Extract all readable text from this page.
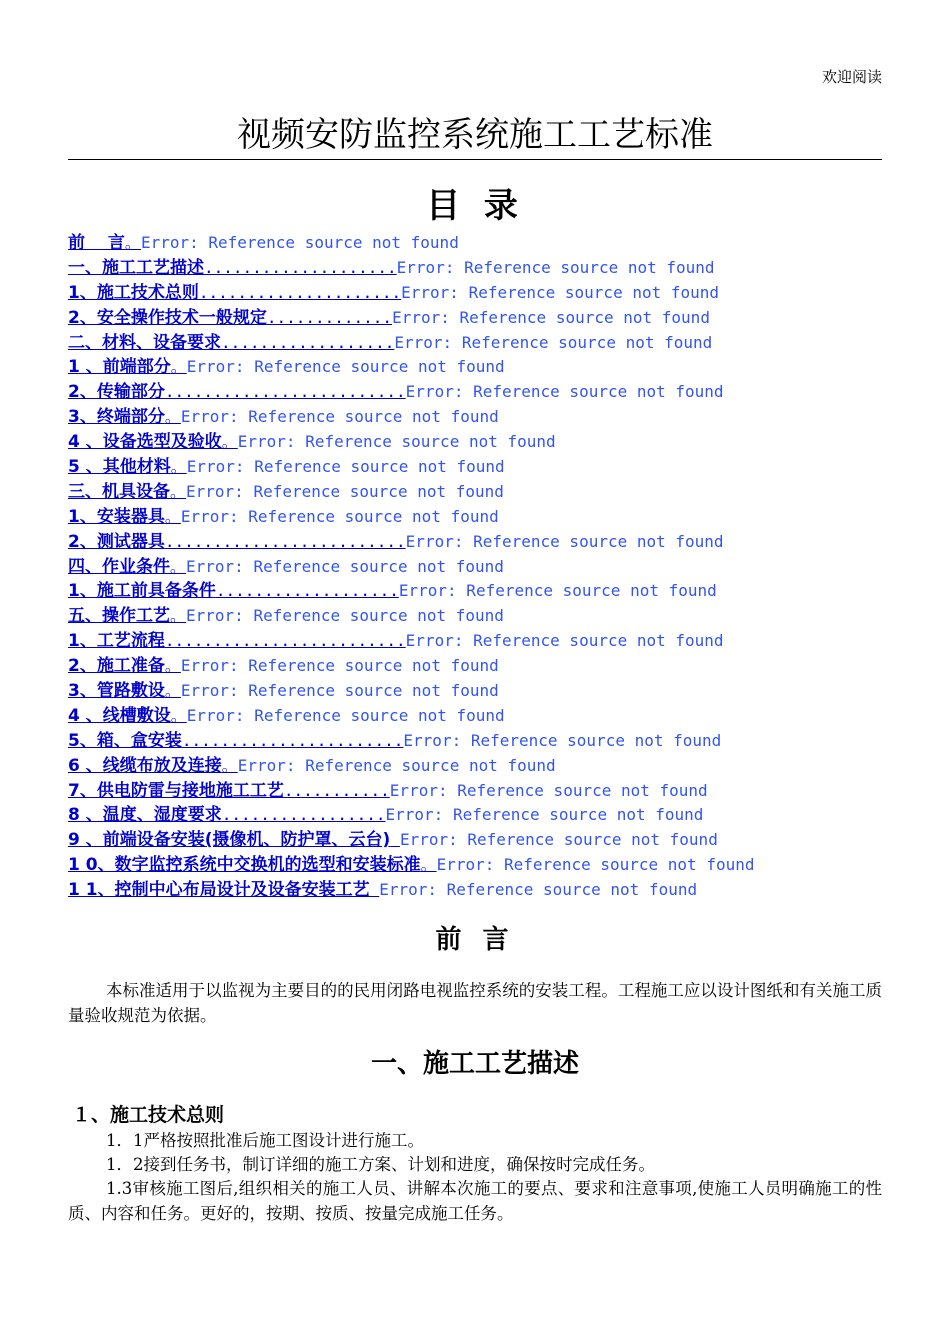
欢迎阅读
视频安防监控系统施工工艺标准
目 录
前　 言。Error: Reference source not found
一、施工工艺描述....................Error: Reference source not found
1、施工技术总则.....................Error: Reference source not found
2、安全操作技术一般规定.............Error: Reference source not found
二、材料、设备要求..................Error: Reference source not found
1 、前端部分。Error: Reference source not found
2、传输部分.........................Error: Reference source not found
3、终端部分。Error: Reference source not found
4 、设备选型及验收。Error: Reference source not found
5 、其他材料。Error: Reference source not found
三、机具设备。Error: Reference source not found
1、安装器具。Error: Reference source not found
2、测试器具.........................Error: Reference source not found
四、作业条件。Error: Reference source not found
1、施工前具备条件...................Error: Reference source not found
五、操作工艺。Error: Reference source not found
1、工艺流程.........................Error: Reference source not found
2、施工准备。Error: Reference source not found
3、管路敷设。Error: Reference source not found
4 、线槽敷设。Error: Reference source not found
5、箱、盒安装.......................Error: Reference source not found
6 、线缆布放及连接。Error: Reference source not found
7、供电防雷与接地施工工艺...........Error: Reference source not found
8 、温度、湿度要求.................Error: Reference source not found
9 、前端设备安装(摄像机、防护罩、云台) Error: Reference source not found
1 0、数字监控系统中交换机的选型和安装标准。Error: Reference source not found
1 1、控制中心布局设计及设备安装工艺 Error: Reference source not found
前 言

本标准适用于以监视为主要目的的民用闭路电视监控系统的安装工程。工程施工应以设计图纸和有关施工质量验收规范为依据。

一、施工工艺描述
１、施工技术总则

1．1严格按照批准后施工图设计进行施工。

1．2接到任务书，制订详细的施工方案、计划和进度，确保按时完成任务。

1.3审核施工图后,组织相关的施工人员、讲解本次施工的要点、要求和注意事项,使施工人员明确施工的性质、内容和任务。更好的，按期、按质、按量完成施工任务。
